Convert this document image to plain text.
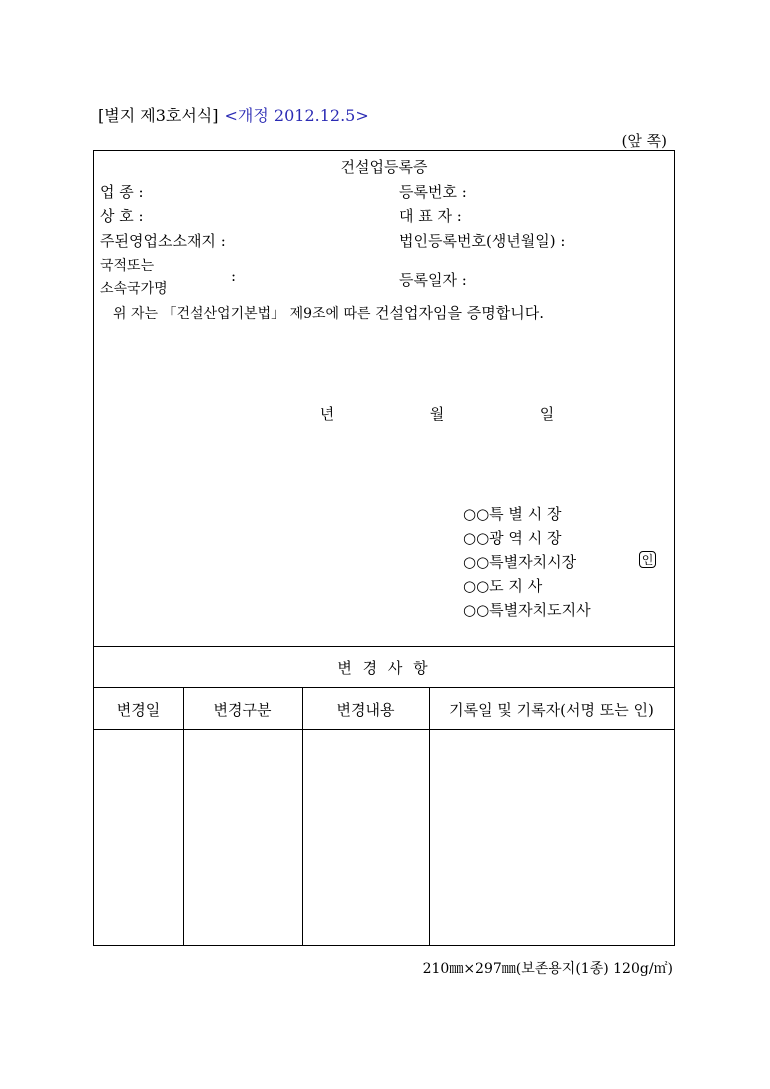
[별지 제3호서식] <개정 2012.12.5>
(앞 쪽)
건설업등록증
업 종 :	등록번호 :
상 호 :	대 표 자 :
주된영업소소재지 :	법인등록번호(생년월일) :
국적또는
소속국가명
:	등록일자 :
위 자는 「건설산업기본법」 제9조에 따른 건설업자임을 증명합니다.
년	월	일
○○특 별 시 장
○○광 역 시 장
○○특별자치시장
○○도 지 사
○○특별자치도지사
인
변 경 사 항
변경일	변경구분	변경내용	기록일 및 기록자(서명 또는 인)
210㎜×297㎜(보존용지(1종) 120g/㎡)
